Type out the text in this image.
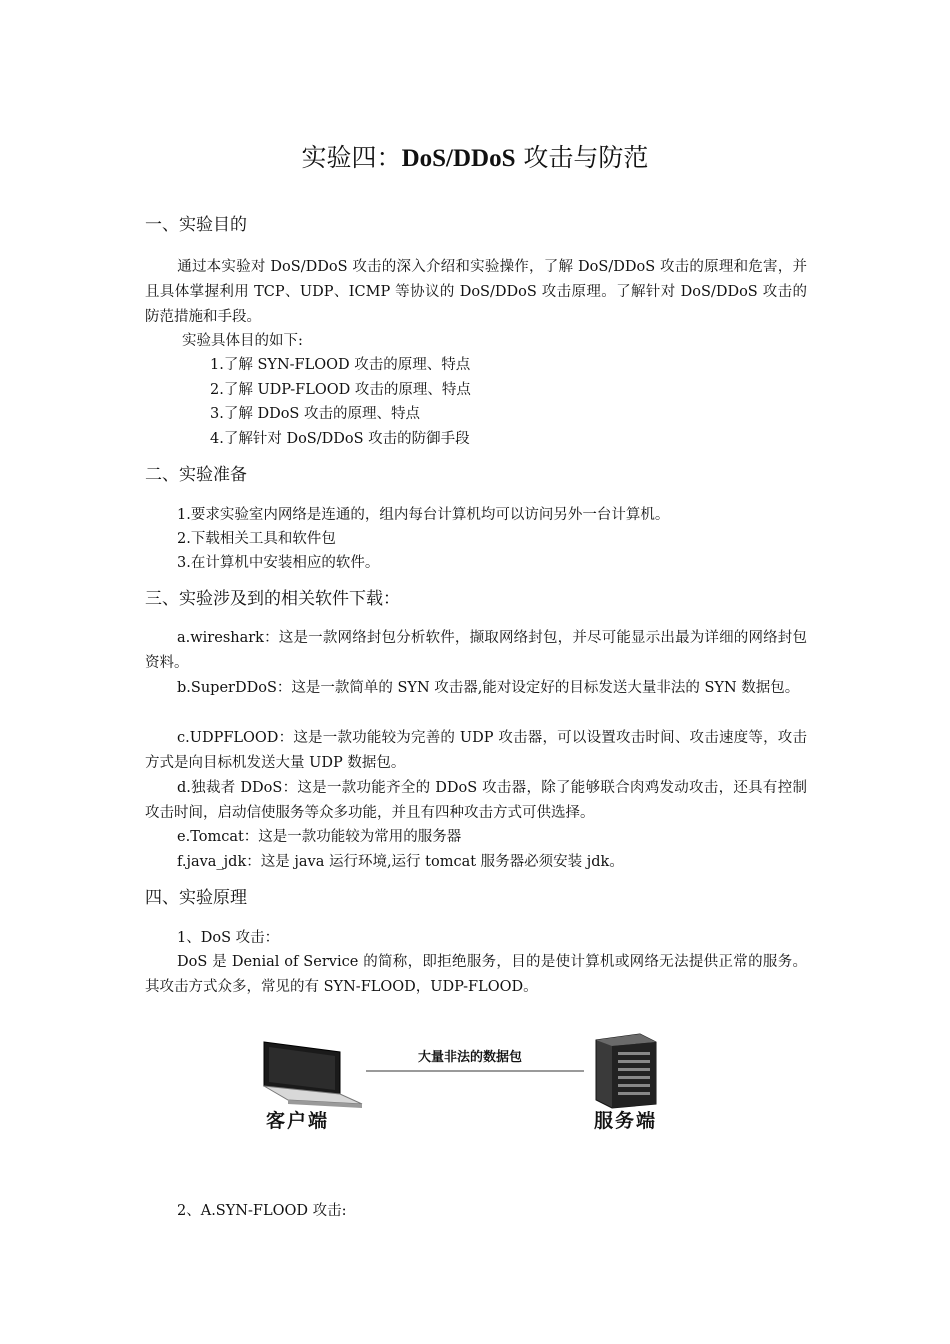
实验四：DoS/DDoS 攻击与防范
一、实验目的
通过本实验对 DoS/DDoS 攻击的深入介绍和实验操作，了解 DoS/DDoS 攻击的原理和危害，并且具体掌握利用 TCP、UDP、ICMP 等协议的 DoS/DDoS 攻击原理。了解针对 DoS/DDoS 攻击的防范措施和手段。
实验具体目的如下:
1.了解 SYN-FLOOD 攻击的原理、特点
2.了解 UDP-FLOOD 攻击的原理、特点
3.了解 DDoS 攻击的原理、特点
4.了解针对 DoS/DDoS 攻击的防御手段
二、实验准备
1.要求实验室内网络是连通的，组内每台计算机均可以访问另外一台计算机。
2.下载相关工具和软件包
3.在计算机中安装相应的软件。
三、实验涉及到的相关软件下载：
a.wireshark：这是一款网络封包分析软件，撷取网络封包，并尽可能显示出最为详细的网络封包资料。
b.SuperDDoS：这是一款简单的 SYN 攻击器,能对设定好的目标发送大量非法的 SYN 数据包。
c.UDPFLOOD：这是一款功能较为完善的 UDP 攻击器，可以设置攻击时间、攻击速度等，攻击方式是向目标机发送大量 UDP 数据包。
d.独裁者 DDoS：这是一款功能齐全的 DDoS 攻击器，除了能够联合肉鸡发动攻击，还具有控制攻击时间，启动信使服务等众多功能，并且有四种攻击方式可供选择。
e.Tomcat：这是一款功能较为常用的服务器
f.java_jdk：这是 java 运行环境,运行 tomcat 服务器必须安装 jdk。
四、实验原理
1、DoS 攻击：
DoS 是 Denial of Service 的简称，即拒绝服务，目的是使计算机或网络无法提供正常的服务。其攻击方式众多，常见的有 SYN-FLOOD，UDP-FLOOD。
大量非法的数据包
客户端	服务端
2、A.SYN-FLOOD 攻击:
